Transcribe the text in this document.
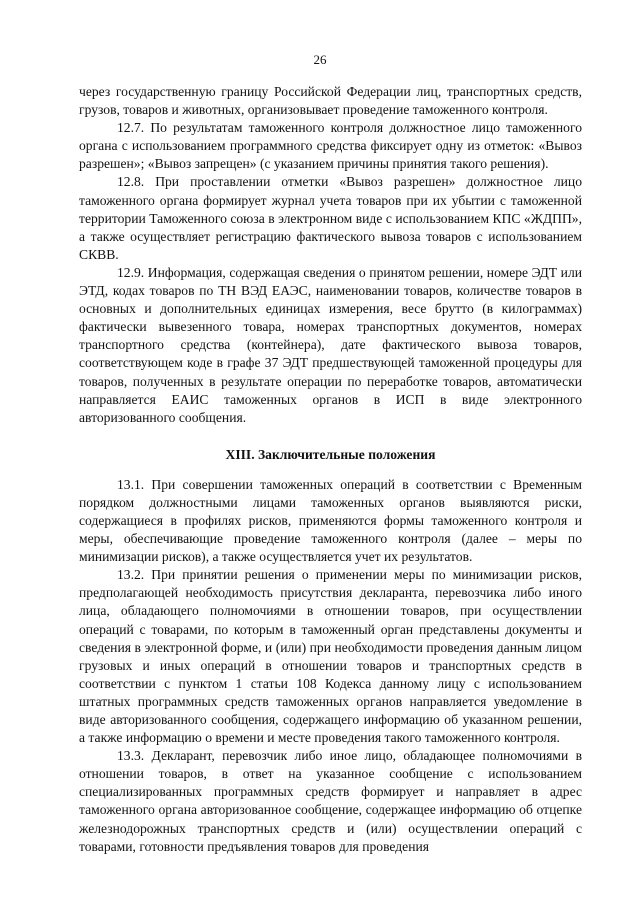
26

через государственную границу Российской Федерации лиц, транспортных средств, грузов, товаров и животных, организовывает проведение таможенного контроля.

12.7. По результатам таможенного контроля должностное лицо таможенного органа с использованием программного средства фиксирует одну из отметок: «Вывоз разрешен»; «Вывоз запрещен» (с указанием причины принятия такого решения).

12.8. При проставлении отметки «Вывоз разрешен» должностное лицо таможенного органа формирует журнал учета товаров при их убытии с таможенной территории Таможенного союза в электронном виде с использованием КПС «ЖДПП», а также осуществляет регистрацию фактического вывоза товаров с использованием СКВВ.

12.9. Информация, содержащая сведения о принятом решении, номере ЭДТ или ЭТД, кодах товаров по ТН ВЭД ЕАЭС, наименовании товаров, количестве товаров в основных и дополнительных единицах измерения, весе брутто (в килограммах) фактически вывезенного товара, номерах транспортных документов, номерах транспортного средства (контейнера), дате фактического вывоза товаров, соответствующем коде в графе 37 ЭДТ предшествующей таможенной процедуры для товаров, полученных в результате операции по переработке товаров, автоматически направляется ЕАИС таможенных органов в ИСП в виде электронного авторизованного сообщения.

XIII. Заключительные положения

13.1. При совершении таможенных операций в соответствии с Временным порядком должностными лицами таможенных органов выявляются риски, содержащиеся в профилях рисков, применяются формы таможенного контроля и меры, обеспечивающие проведение таможенного контроля (далее – меры по минимизации рисков), а также осуществляется учет их результатов.

13.2. При принятии решения о применении меры по минимизации рисков, предполагающей необходимость присутствия декларанта, перевозчика либо иного лица, обладающего полномочиями в отношении товаров, при осуществлении операций с товарами, по которым в таможенный орган представлены документы и сведения в электронной форме, и (или) при необходимости проведения данным лицом грузовых и иных операций в отношении товаров и транспортных средств в соответствии с пунктом 1 статьи 108 Кодекса данному лицу с использованием штатных программных средств таможенных органов направляется уведомление в виде авторизованного сообщения, содержащего информацию об указанном решении, а также информацию о времени и месте проведения такого таможенного контроля.

13.3. Декларант, перевозчик либо иное лицо, обладающее полномочиями в отношении товаров, в ответ на указанное сообщение с использованием специализированных программных средств формирует и направляет в адрес таможенного органа авторизованное сообщение, содержащее информацию об отцепке железнодорожных транспортных средств и (или) осуществлении операций с товарами, готовности предъявления товаров для проведения
